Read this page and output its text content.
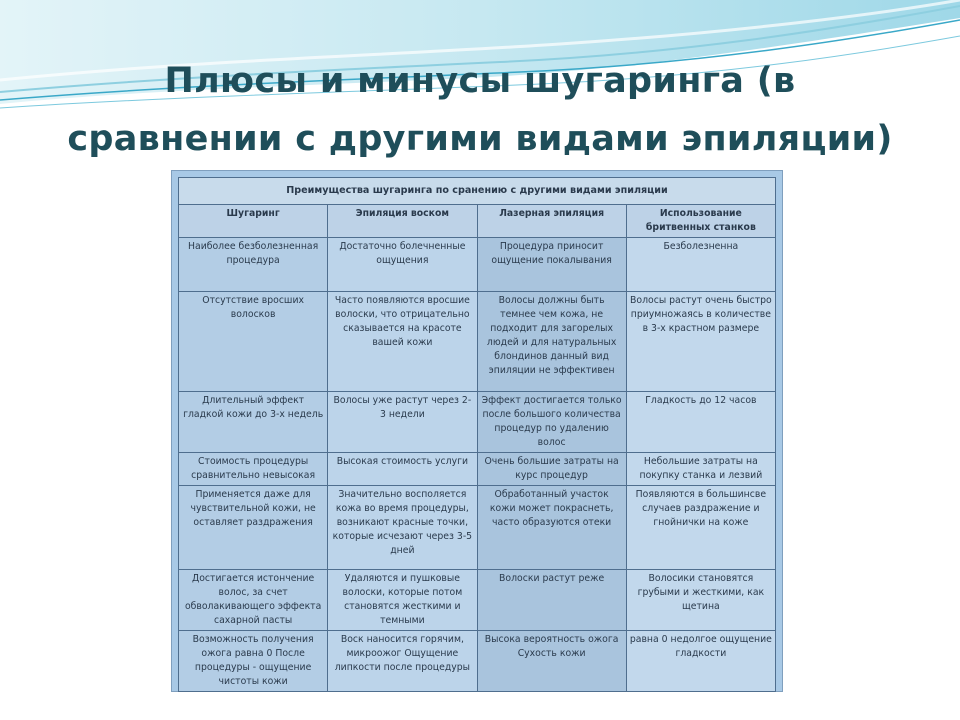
Плюсы и минусы шугаринга (в
сравнении с другими видами эпиляции)
Преимущества шугаринга по сранению с другими видами эпиляции			
Шугаринг	Эпиляция воском	Лазерная эпиляция	Использование бритвенных станков
Наиболее безболезненная процедура	Достаточно болечненные ощущения	Процедура приносит ощущение покалывания	Безболезненна
Отсутствие вросших волосков	Часто появляются вросшие волоски, что отрицательно сказывается на красоте вашей кожи	Волосы должны быть темнее чем кожа, не подходит для загорелых людей и для натуральных блондинов данный вид эпиляции не эффективен	Волосы растут очень быстро приумножаясь в количестве в 3-х крастном размере
Длительный эффект гладкой кожи до 3-х недель	Волосы уже растут через 2-3 недели	Эффект достигается только после большого количества процедур по удалению волос	Гладкость до 12 часов
Стоимость процедуры сравнительно невысокая	Высокая стоимость услуги	Очень большие затраты на курс процедур	Небольшие затраты на покупку станка и лезвий
Применяется даже для чувствительной кожи, не оставляет раздражения	Значительно восполяется кожа во время процедуры, возникают красные точки, которые исчезают через 3-5 дней	Обработанный участок кожи может покраснеть, часто образуются отеки	Появляются в большинсве случаев раздражение и гнойнички на коже
Достигается истончение волос, за счет обволакивающего эффекта сахарной пасты	Удаляются и пушковые волоски, которые потом становятся жесткими и темными	Волоски растут реже	Волосики становятся грубыми и жесткими, как щетина
Возможность получения ожога равна 0 После процедуры - ощущение чистоты кожи	Воск наносится горячим, микроожог Ощущение липкости после процедуры	Высока вероятность ожога Сухость кожи	равна 0 недолгое ощущение гладкости
